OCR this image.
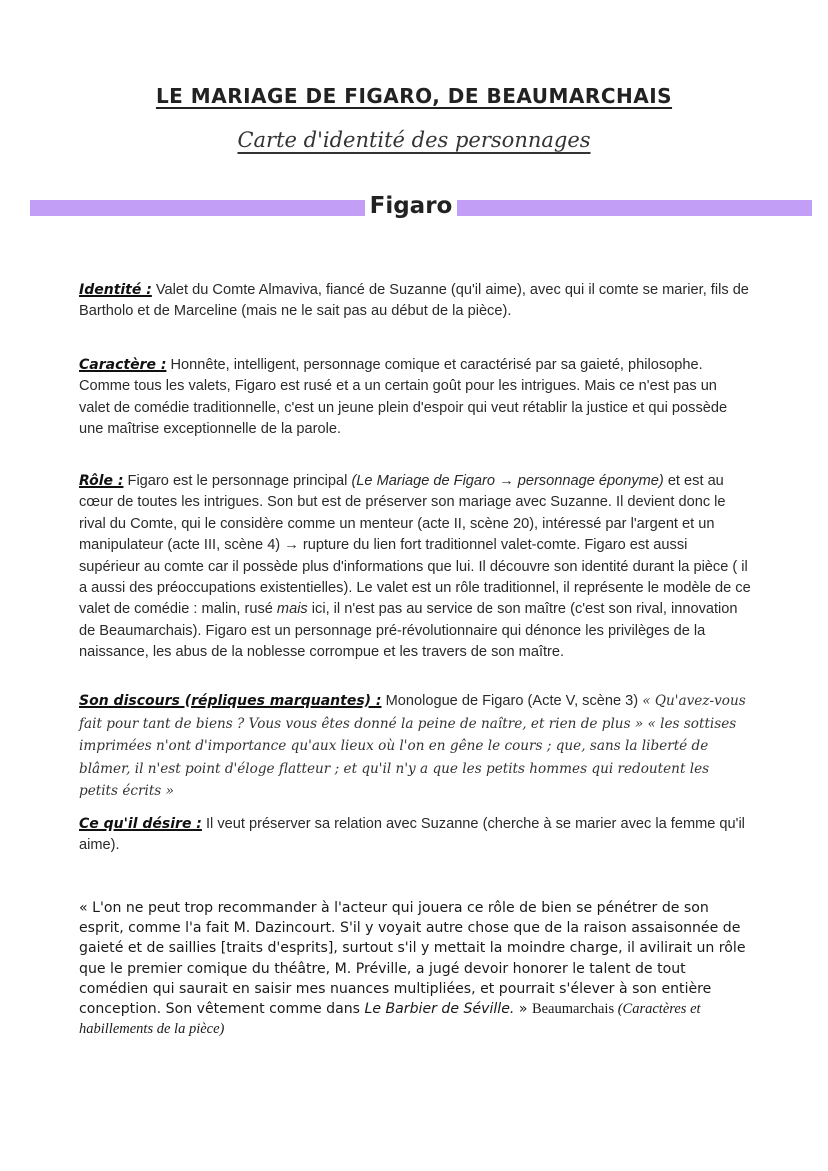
LE MARIAGE DE FIGARO, DE BEAUMARCHAIS
Carte d'identité des personnages
Figaro
Identité : Valet du Comte Almaviva, fiancé de Suzanne (qu'il aime), avec qui il comte se marier, fils de Bartholo et de Marceline (mais ne le sait pas au début de la pièce).
Caractère : Honnête, intelligent, personnage comique et caractérisé par sa gaieté, philosophe. Comme tous les valets, Figaro est rusé et a un certain goût pour les intrigues. Mais ce n'est pas un valet de comédie traditionnelle, c'est un jeune plein d'espoir qui veut rétablir la justice et qui possède une maîtrise exceptionnelle de la parole.
Rôle : Figaro est le personnage principal (Le Mariage de Figaro → personnage éponyme) et est au cœur de toutes les intrigues. Son but est de préserver son mariage avec Suzanne. Il devient donc le rival du Comte, qui le considère comme un menteur (acte II, scène 20), intéressé par l'argent et un manipulateur (acte III, scène 4) → rupture du lien fort traditionnel valet-comte. Figaro est aussi supérieur au comte car il possède plus d'informations que lui. Il découvre son identité durant la pièce ( il a aussi des préoccupations existentielles). Le valet est un rôle traditionnel, il représente le modèle de ce valet de comédie : malin, rusé mais ici, il n'est pas au service de son maître (c'est son rival, innovation de Beaumarchais). Figaro est un personnage pré-révolutionnaire qui dénonce les privilèges de la naissance, les abus de la noblesse corrompue et les travers de son maître.
Son discours (répliques marquantes) : Monologue de Figaro (Acte V, scène 3) « Qu'avez-vous fait pour tant de biens ? Vous vous êtes donné la peine de naître, et rien de plus » « les sottises imprimées n'ont d'importance qu'aux lieux où l'on en gêne le cours ; que, sans la liberté de blâmer, il n'est point d'éloge flatteur ; et qu'il n'y a que les petits hommes qui redoutent les petits écrits »
Ce qu'il désire : Il veut préserver sa relation avec Suzanne (cherche à se marier avec la femme qu'il aime).
« L'on ne peut trop recommander à l'acteur qui jouera ce rôle de bien se pénétrer de son esprit, comme l'a fait M. Dazincourt. S'il y voyait autre chose que de la raison assaisonnée de gaieté et de saillies [traits d'esprits], surtout s'il y mettait la moindre charge, il avilirait un rôle que le premier comique du théâtre, M. Préville, a jugé devoir honorer le talent de tout comédien qui saurait en saisir mes nuances multipliées, et pourrait s'élever à son entière conception. Son vêtement comme dans Le Barbier de Séville. » Beaumarchais (Caractères et habillements de la pièce)
